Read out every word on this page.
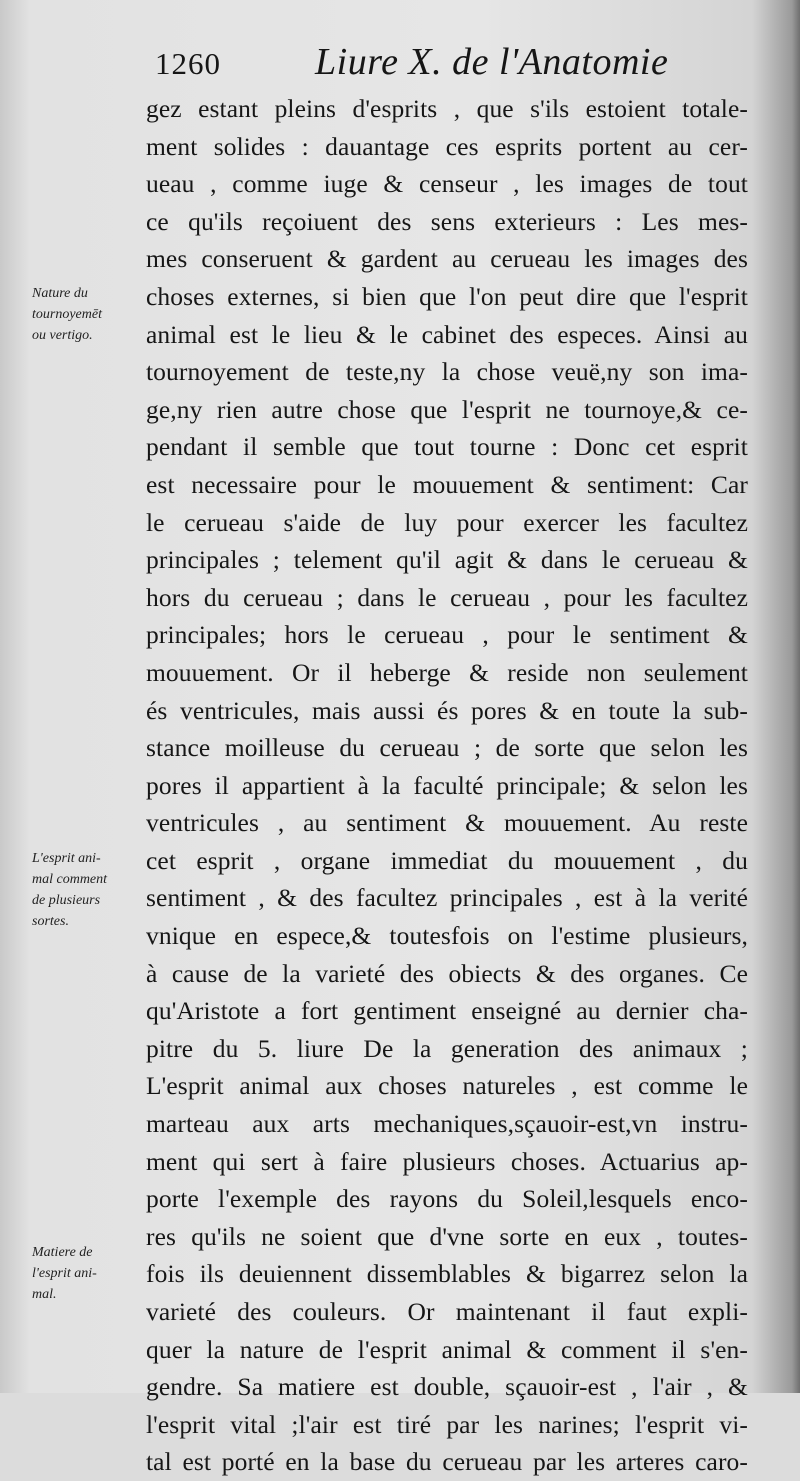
1260 Liure X. de l'Anatomie
Nature du
tournoyemēt
ou vertigo.
L'esprit ani-
mal comment
de plusieurs
sortes.
Matiere de
l'esprit ani-
mal.
gez estant pleins d'esprits , que s'ils estoient totale-
ment solides : dauantage ces esprits portent au cer-
ueau , comme iuge & censeur , les images de tout
ce qu'ils reçoiuent des sens exterieurs : Les mes-
mes conseruent & gardent au cerueau les images des
choses externes, si bien que l'on peut dire que l'esprit
animal est le lieu & le cabinet des especes. Ainsi au
tournoyement de teste,ny la chose veuë,ny son ima-
ge,ny rien autre chose que l'esprit ne tournoye,& ce-
pendant il semble que tout tourne : Donc cet esprit
est necessaire pour le mouuement & sentiment: Car
le cerueau s'aide de luy pour exercer les facultez
principales ; telement qu'il agit & dans le cerueau &
hors du cerueau ; dans le cerueau , pour les facultez
principales; hors le cerueau , pour le sentiment &
mouuement. Or il heberge & reside non seulement
és ventricules, mais aussi és pores & en toute la sub-
stance moilleuse du cerueau ; de sorte que selon les
pores il appartient à la faculté principale; & selon les
ventricules , au sentiment & mouuement. Au reste
cet esprit , organe immediat du mouuement , du
sentiment , & des facultez principales , est à la verité
vnique en espece,& toutesfois on l'estime plusieurs,
à cause de la varieté des obiects & des organes. Ce
qu'Aristote a fort gentiment enseigné au dernier cha-
pitre du 5. liure De la generation des animaux ;
L'esprit animal aux choses natureles , est comme le
marteau aux arts mechaniques,sçauoir-est,vn instru-
ment qui sert à faire plusieurs choses. Actuarius ap-
porte l'exemple des rayons du Soleil,lesquels enco-
res qu'ils ne soient que d'vne sorte en eux , toutes-
fois ils deuiennent dissemblables & bigarrez selon la
varieté des couleurs. Or maintenant il faut expli-
quer la nature de l'esprit animal & comment il s'en-
gendre. Sa matiere est double, sçauoir-est , l'air , &
l'esprit vital ;l'air est tiré par les narines; l'esprit vi-
tal est porté en la base du cerueau par les arteres caro-
